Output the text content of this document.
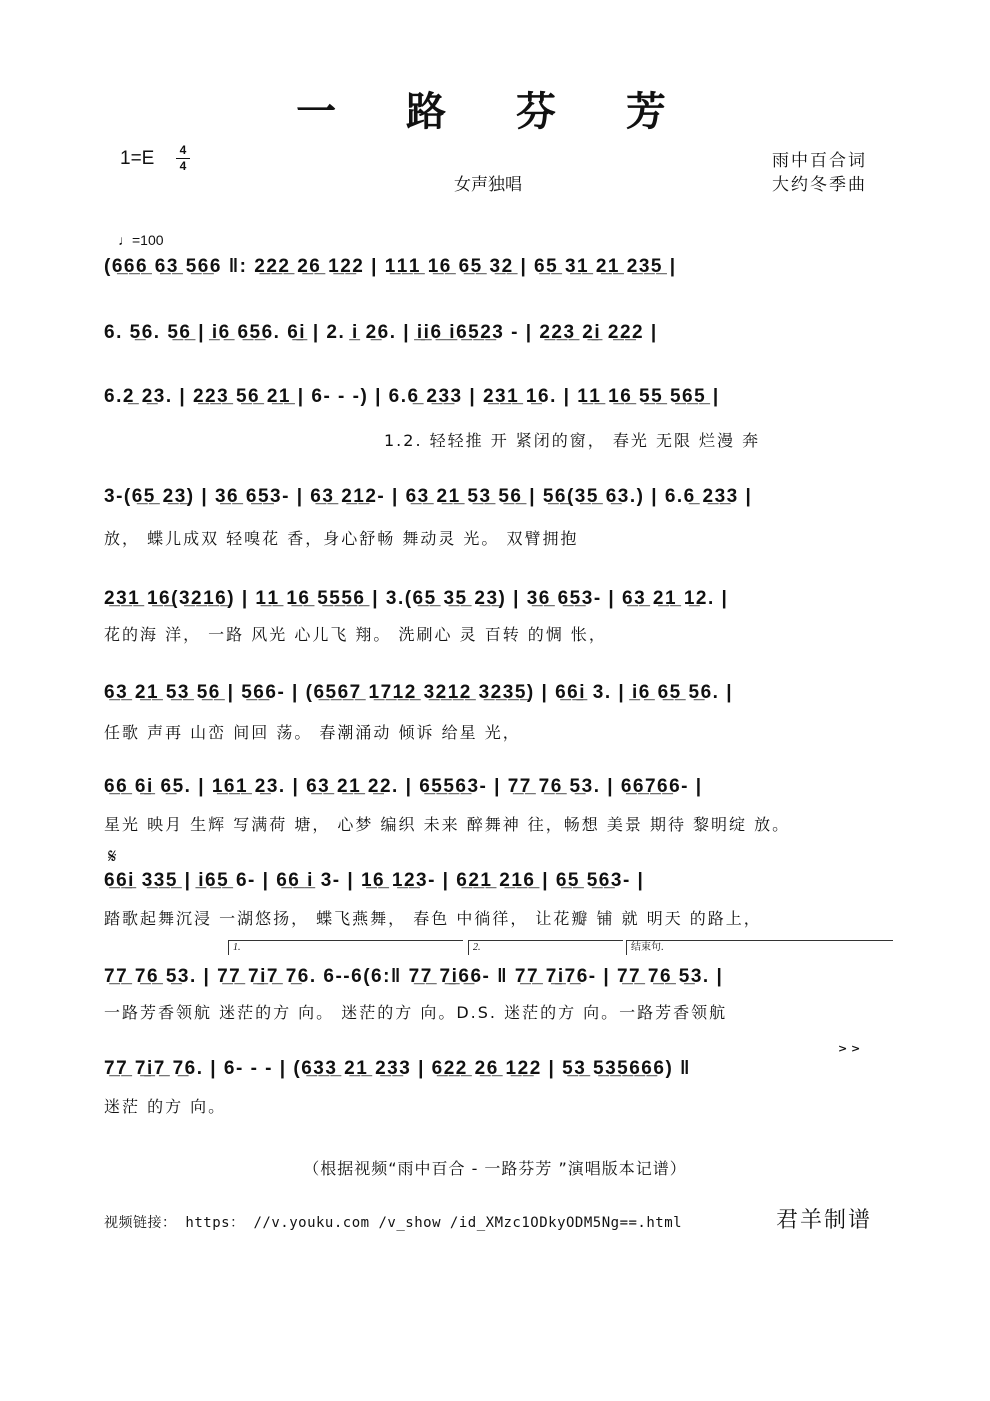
一 路 芬 芳
1=E	4
4
女声独唱
雨中百合词
大约冬季曲
♩=100
(6̲6̲6̲ 6̲3̲ 5̲6̲6 ‖: 2̲2̲2̲ 2̲6̲ 1̲2̲2 | 1̲1̲1̲ 1̲6̲ 6̲5̲ 3̲2̲ | 6̲5̲ 3̲1̲ 2̲1̲ 2̲3̲5̲ |
6. 5̲6. 5̲6̲ | i̲6̲ 6̲5̲6. 6̲i̲ | 2. i̲ 2̲6. | i̲i̲6̲ i̲6̲5̲2̲3 - | 2̲2̲3̲ 2̲i̲ 2̲2̲2 |
6.2̲ 2̲3. | 2̲2̲3̲ 5̲6̲ 2̲1̲ | 6- - -) | 6.6̲ 2̲3̲3 | 2̲3̲1̲ 1̲6. | 1̲1̲ 1̲6̲ 5̲5̲ 5̲6̲5̲ |
1.2. 轻轻推 开 紧闭的窗， 春光 无限 烂漫 奔
3-(6̲5̲ 2̲3̲) | 3̲6̲ 6̲5̲3- | 6̲3̲ 2̲1̲2- | 6̲3̲ 2̲1̲ 5̲3̲ 5̲6̲ | 5̲6̲(3̲5̲ 6̲3.) | 6.6̲ 2̲3̲3 |
放， 蝶儿成双 轻嗅花 香，身心舒畅 舞动灵 光。 双臂拥抱
2̲3̲1̲ 1̲6̲(3̲2̲1̲6̲) | 1̲1̲ 1̲6̲ 5̲5̲5̲6̲ | 3.(6̲5̲ 3̲5̲ 2̲3̲) | 3̲6̲ 6̲5̲3- | 6̲3̲ 2̲1̲ 1̲2. |
花的海 洋， 一路 风光 心儿飞 翔。 洗刷心 灵 百转 的惆 怅，
6̲3̲ 2̲1̲ 5̲3̲ 5̲6̲ | 5̲6̲6- | (6̲5̲6̲7̲ 1̲7̲1̲2̲ 3̲2̲1̲2̲ 3̲2̲3̲5̲) | 6̲6̲i̲ 3. | i̲6̲ 6̲5̲ 5̲6. |
任歌 声再 山峦 间回 荡。 春潮涌动 倾诉 给星 光，
6̲6̲ 6̲i̲ 6̲5. | 1̲6̲1̲ 2̲3. | 6̲3̲ 2̲1̲ 2̲2. | 6̲5̲5̲6̲3- | 7̲7̲ 7̲6̲ 5̲3. | 6̲6̲7̲6̲6- |
星光 映月 生辉 写满荷 塘， 心梦 编织 未来 醉舞神 往，畅想 美景 期待 黎明绽 放。
𝄋
6̲6̲i̲ 3̲3̲5̲ | i̲6̲5̲ 6- | 6̲6̲ i̲ 3- | 1̲6̲ 1̲2̲3- | 6̲2̲1̲ 2̲1̲6̲ | 6̲5̲ 5̲6̲3- |
踏歌起舞沉浸 一湖悠扬， 蝶飞燕舞， 春色 中徜徉， 让花瓣 铺 就 明天 的路上，
1.	2.	结束句.
7̲7̲ 7̲6̲ 5̲3. | 7̲7̲ 7̲i̲7̲ 7̲6. 6--6(6:‖ 7̲7̲ 7̲i̲6̲6- ‖ 7̲7̲ 7̲i̲7̲6- | 7̲7̲ 7̲6̲ 5̲3. |
一路芳香领航 迷茫的方 向。 迷茫的方 向。D.S. 迷茫的方 向。一路芳香领航
> >
7̲7̲ 7̲i̲7̲ 7̲6. | 6- - - | (6̲3̲3̲ 2̲1̲ 2̲3̲3 | 6̲2̲2̲ 2̲6̲ 1̲2̲2 | 5̲3̲ 5̲3̲5̲6̲6̲6) ‖
迷茫 的方 向。
（根据视频“雨中百合 - 一路芬芳 ”演唱版本记谱）
视频链接： https： //v.youku.com /v_show /id_XMzc1ODkyODM5Ng==.html	君羊制谱
